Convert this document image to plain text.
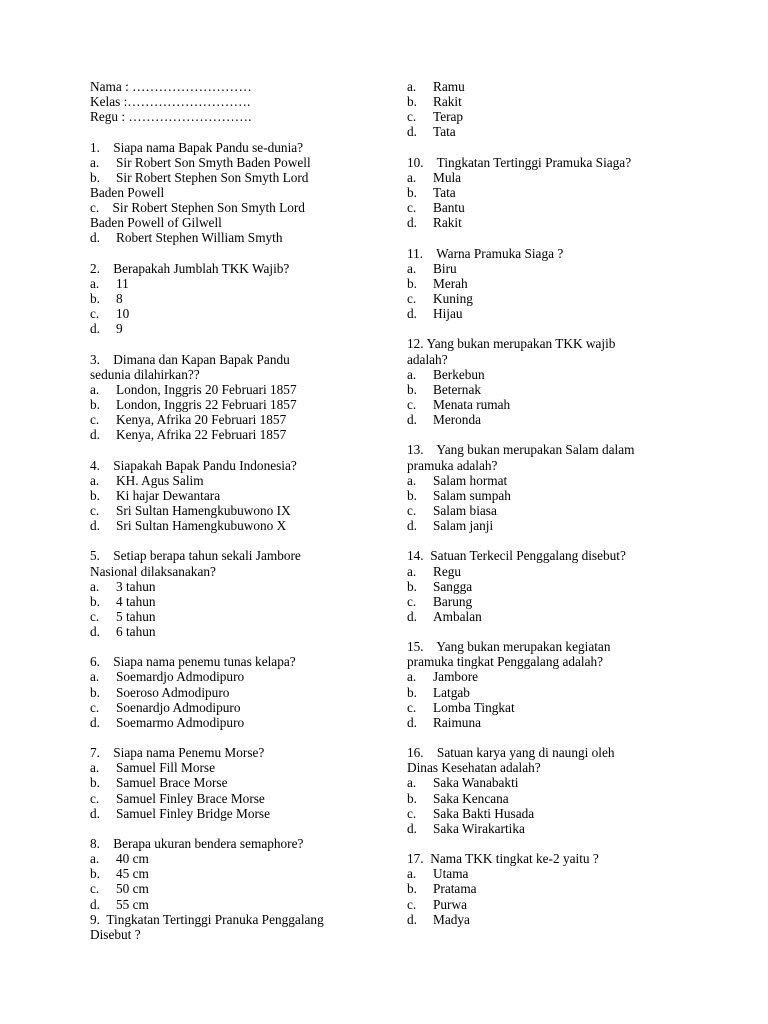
Nama : ………………………
Kelas :……………………….
Regu : ……………………….
1.    Siapa nama Bapak Pandu se-dunia?
a. Sir Robert Son Smyth Baden Powell
b. Sir Robert Stephen Son Smyth Lord
Baden Powell
c.    Sir Robert Stephen Son Smyth Lord
Baden Powell of Gilwell
d. Robert Stephen William Smyth
2.    Berapakah Jumblah TKK Wajib?
a. 11
b. 8
c. 10
d. 9
3.    Dimana dan Kapan Bapak Pandu
sedunia dilahirkan??
a. London, Inggris 20 Februari 1857
b. London, Inggris 22 Februari 1857
c. Kenya, Afrika 20 Februari 1857
d. Kenya, Afrika 22 Februari 1857
4.    Siapakah Bapak Pandu Indonesia?
a. KH. Agus Salim
b. Ki hajar Dewantara
c. Sri Sultan Hamengkubuwono IX
d. Sri Sultan Hamengkubuwono X
5.    Setiap berapa tahun sekali Jambore
Nasional dilaksanakan?
a. 3 tahun
b. 4 tahun
c. 5 tahun
d. 6 tahun
6.    Siapa nama penemu tunas kelapa?
a. Soemardjo Admodipuro
b. Soeroso Admodipuro
c. Soenardjo Admodipuro
d. Soemarmo Admodipuro
7.    Siapa nama Penemu Morse?
a. Samuel Fill Morse
b. Samuel Brace Morse
c. Samuel Finley Brace Morse
d. Samuel Finley Bridge Morse
8.    Berapa ukuran bendera semaphore?
a. 40 cm
b. 45 cm
c. 50 cm
d. 55 cm
9.  Tingkatan Tertinggi Pranuka Penggalang
Disebut ?
a. Ramu
b. Rakit
c. Terap
d. Tata
10.    Tingkatan Tertinggi Pramuka Siaga?
a. Mula
b. Tata
c. Bantu
d. Rakit
11.    Warna Pramuka Siaga ?
a. Biru
b. Merah
c. Kuning
d. Hijau
12. Yang bukan merupakan TKK wajib
adalah?
a. Berkebun
b. Beternak
c. Menata rumah
d. Meronda
13.    Yang bukan merupakan Salam dalam
pramuka adalah?
a. Salam hormat
b. Salam sumpah
c. Salam biasa
d. Salam janji
14.  Satuan Terkecil Penggalang disebut?
a. Regu
b. Sangga
c. Barung
d. Ambalan
15.    Yang bukan merupakan kegiatan
pramuka tingkat Penggalang adalah?
a. Jambore
b. Latgab
c. Lomba Tingkat
d. Raimuna
16.    Satuan karya yang di naungi oleh
Dinas Kesehatan adalah?
a. Saka Wanabakti
b. Saka Kencana
c. Saka Bakti Husada
d. Saka Wirakartika
17.  Nama TKK tingkat ke-2 yaitu ?
a. Utama
b. Pratama
c. Purwa
d. Madya
